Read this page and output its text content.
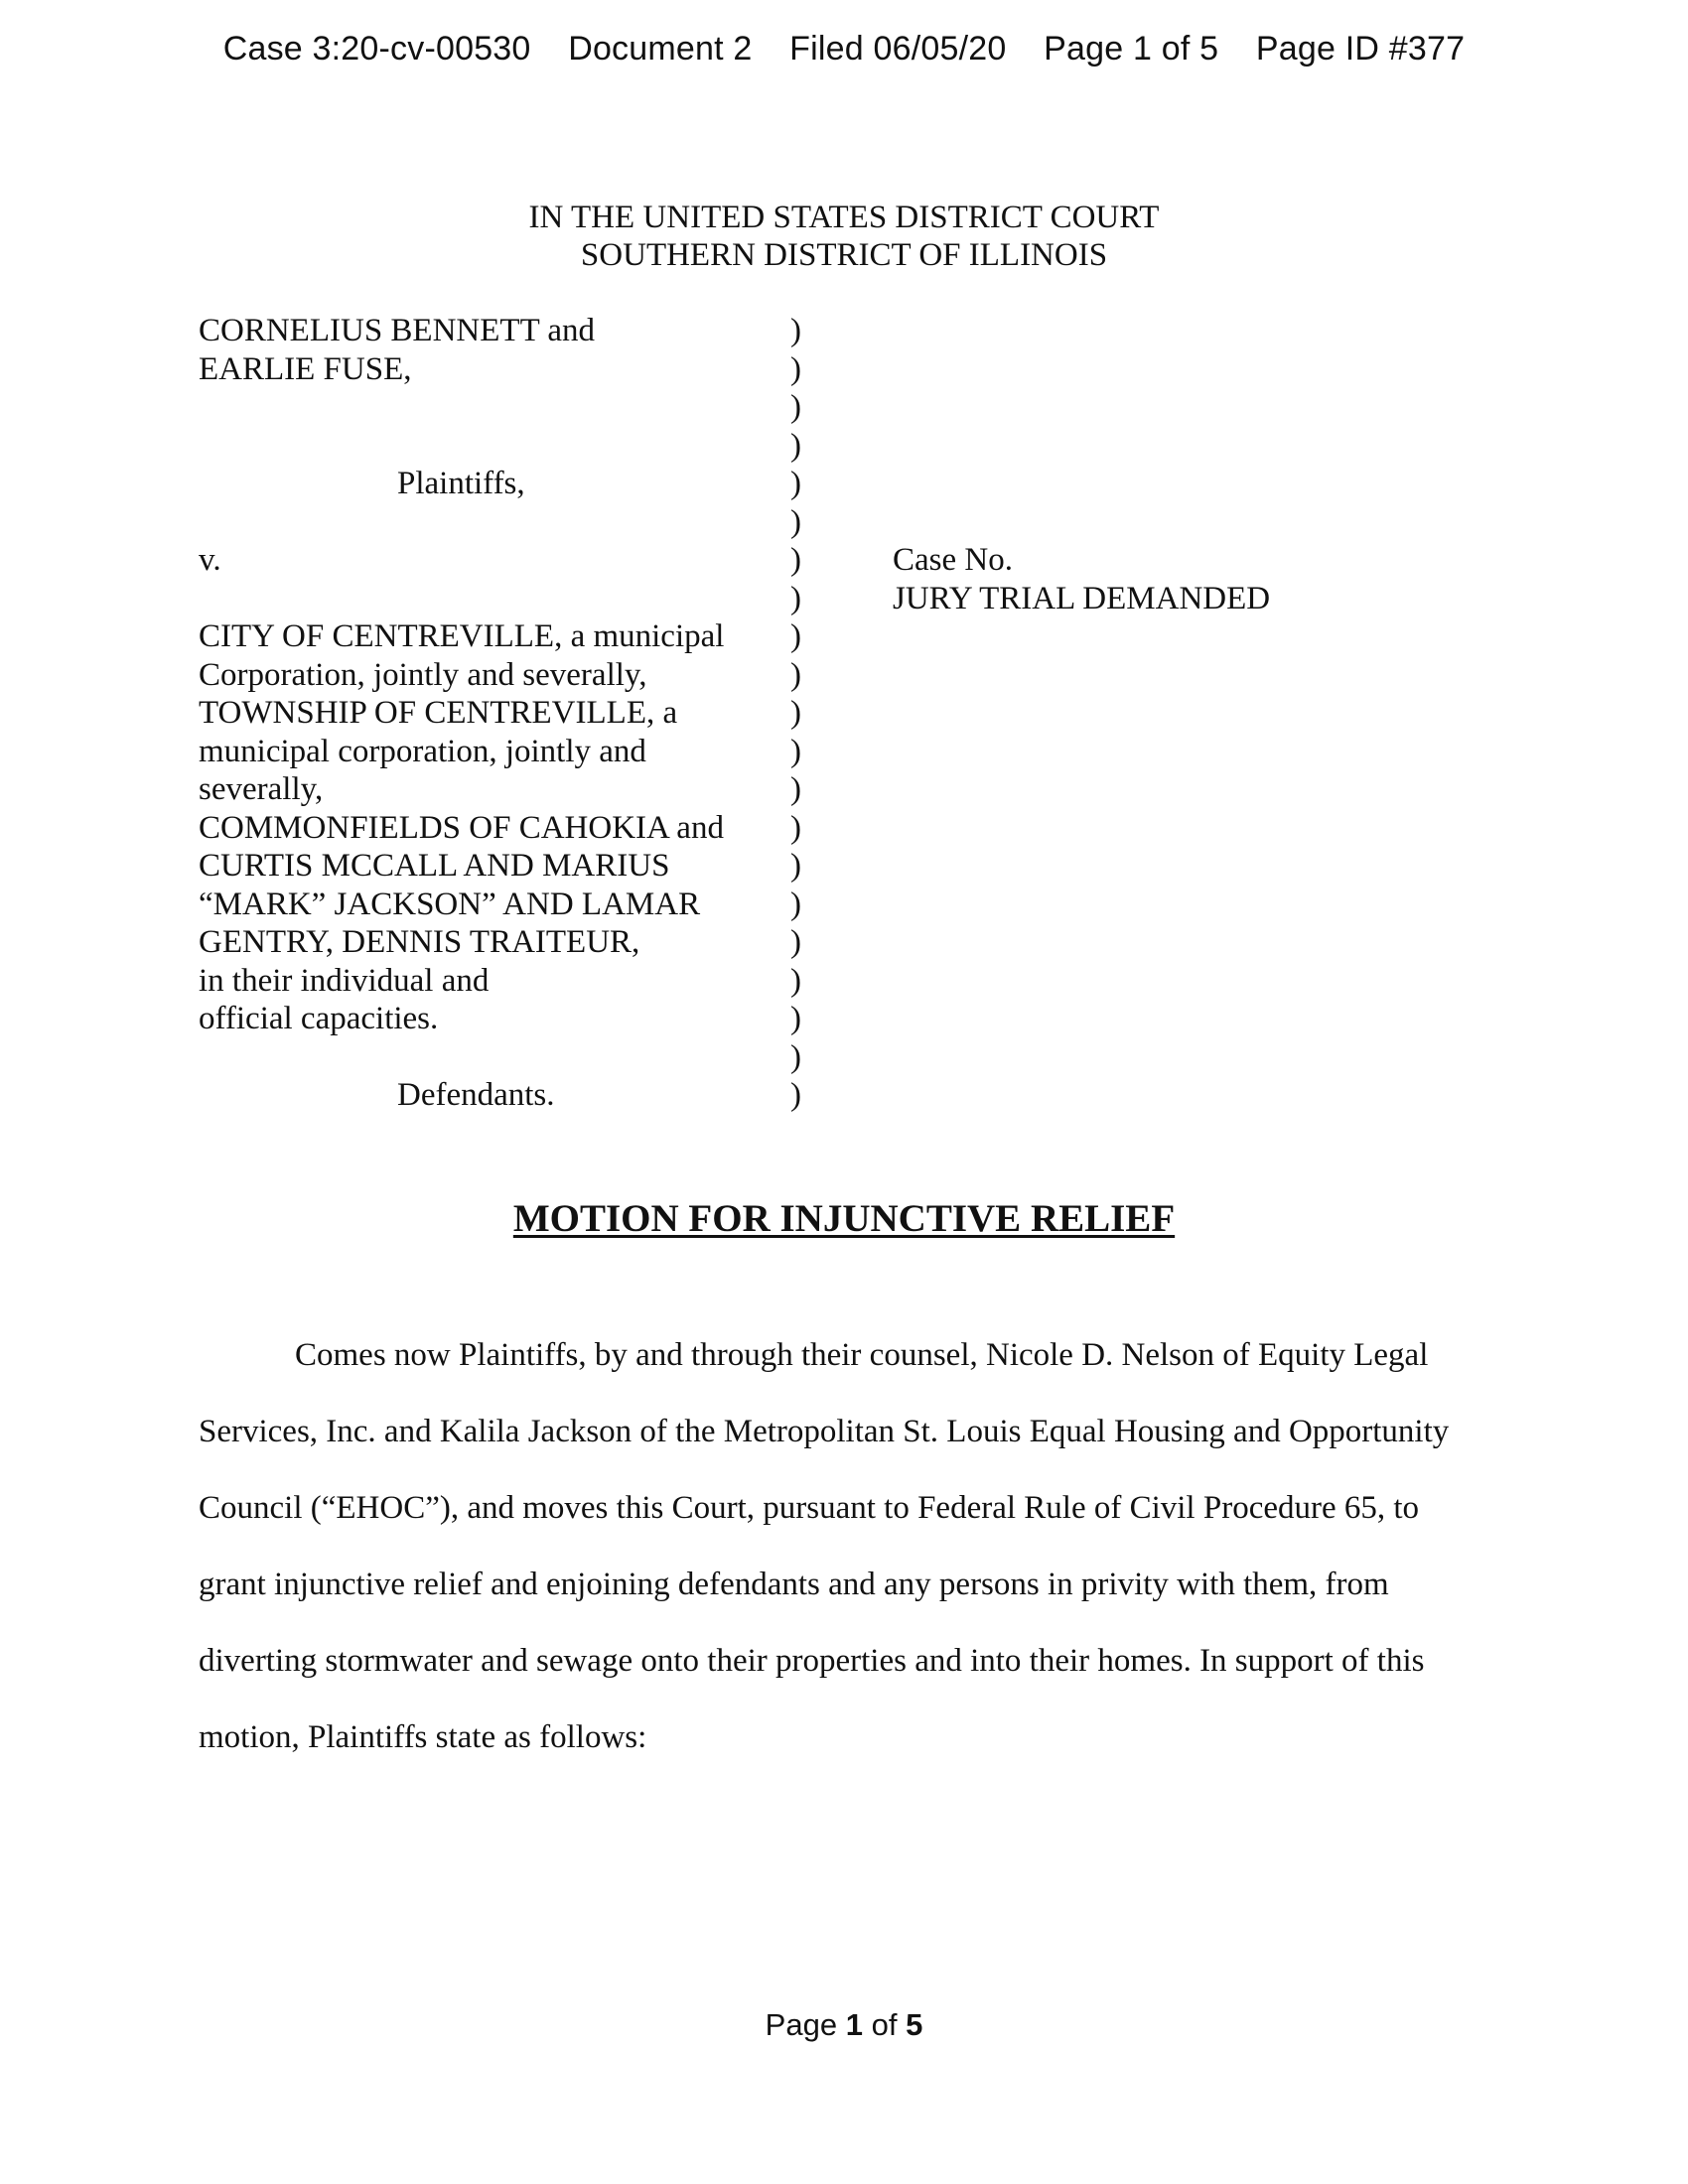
Case 3:20-cv-00530 Document 2 Filed 06/05/20 Page 1 of 5 Page ID #377
IN THE UNITED STATES DISTRICT COURT
SOUTHERN DISTRICT OF ILLINOIS
CORNELIUS BENNETT and
EARLIE FUSE,
Plaintiffs,
v.
CITY OF CENTREVILLE, a municipal
Corporation, jointly and severally,
TOWNSHIP OF CENTREVILLE, a
municipal corporation, jointly and
severally,
COMMONFIELDS OF CAHOKIA and
CURTIS MCCALL AND MARIUS
“MARK” JACKSON” AND LAMAR
GENTRY, DENNIS TRAITEUR,
in their individual and
official capacities.
Defendants.
)
)
)
)
)
)
)
)
)
)
)
)
)
)
)
)
)
)
)
)
)
Case No.
JURY TRIAL DEMANDED
MOTION FOR INJUNCTIVE RELIEF
Comes now Plaintiffs, by and through their counsel, Nicole D. Nelson of Equity Legal
Services, Inc. and Kalila Jackson of the Metropolitan St. Louis Equal Housing and Opportunity
Council (“EHOC”), and moves this Court, pursuant to Federal Rule of Civil Procedure 65, to
grant injunctive relief and enjoining defendants and any persons in privity with them, from
diverting stormwater and sewage onto their properties and into their homes. In support of this
motion, Plaintiffs state as follows:
Page 1 of 5
